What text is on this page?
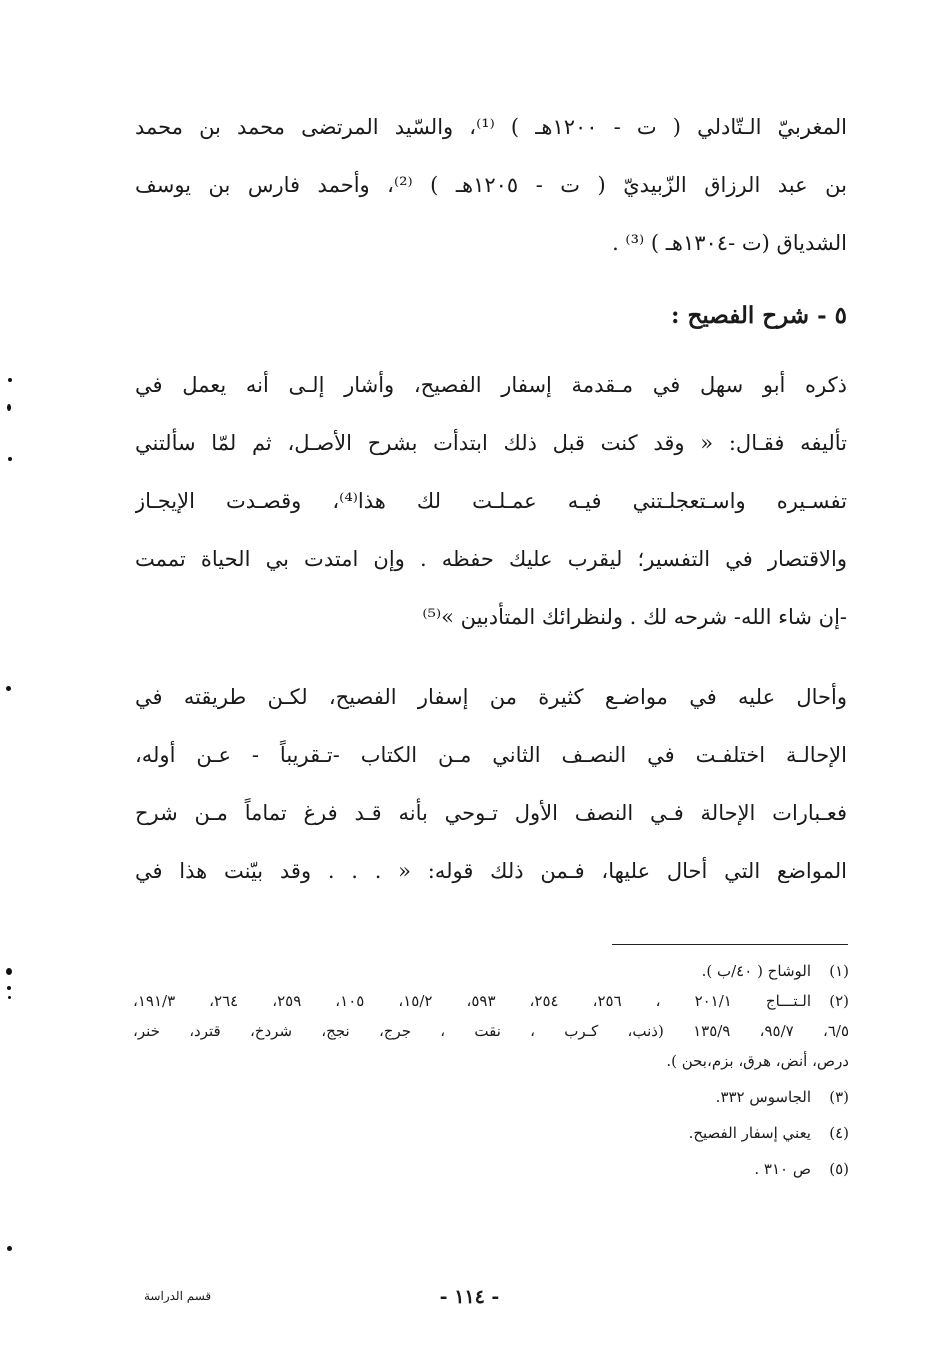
المغربيّ الـتّادلي ( ت - ١٢٠٠هـ ) ⁽¹⁾، والسّيد المرتضى محمد بن محمد
بن عبد الرزاق الزّبيديّ ( ت - ١٢٠٥هـ ) ⁽²⁾، وأحمد فارس بن يوسف
الشدياق (ت -١٣٠٤هـ ) ⁽³⁾ .
٥ - شرح الفصيح :
ذكره أبو سهل في مـقدمة إسفار الفصيح، وأشار إلـى أنه يعمل في
تأليفه فقـال: « وقد كنت قبل ذلك ابتدأت بشرح الأصـل، ثم لمّا سألتني
تفسـيره واسـتعجلـتني فيـه عمـلـت لك هذا⁽⁴⁾، وقصـدت الإيجـاز
والاقتصار في التفسير؛ ليقرب عليك حفظه . وإن امتدت بي الحياة تممت
-إن شاء الله- شرحه لك . ولنظرائك المتأدبين »⁽⁵⁾
وأحال عليه في مواضـع كثيرة من إسفار الفصيح، لكـن طريقته في
الإحالـة اختلفـت في النصـف الثاني مـن الكتاب -تـقريباً - عـن أوله،
فعـبارات الإحالة فـي النصف الأول تـوحي بأنه قـد فرغ تماماً مـن شرح
المواضع التي أحال عليها، فـمن ذلك قوله: « . . . وقد بيّنت هذا في
(١)
الوشاح ( ٤٠/ب ).
(٢)
الـتـــاج ٢٠١/١ ، ٢٥٦، ٢٥٤، ٥٩٣، ١٥/٢، ١٠٥، ٢٥٩، ٢٦٤، ١٩١/٣،
٦/٥، ٩٥/٧، ١٣٥/٩ (ذنب، كـرب ، نقت ، جرج، نجج، شردخ، قترد، خنر،
درص، أنض، هرق، بزم،بحن ).
(٣)
الجاسوس ٣٣٢.
(٤)
يعني إسفار الفصيح.
(٥)
ص ٣١٠ .
- ١١٤ -
قسم الدراسة
